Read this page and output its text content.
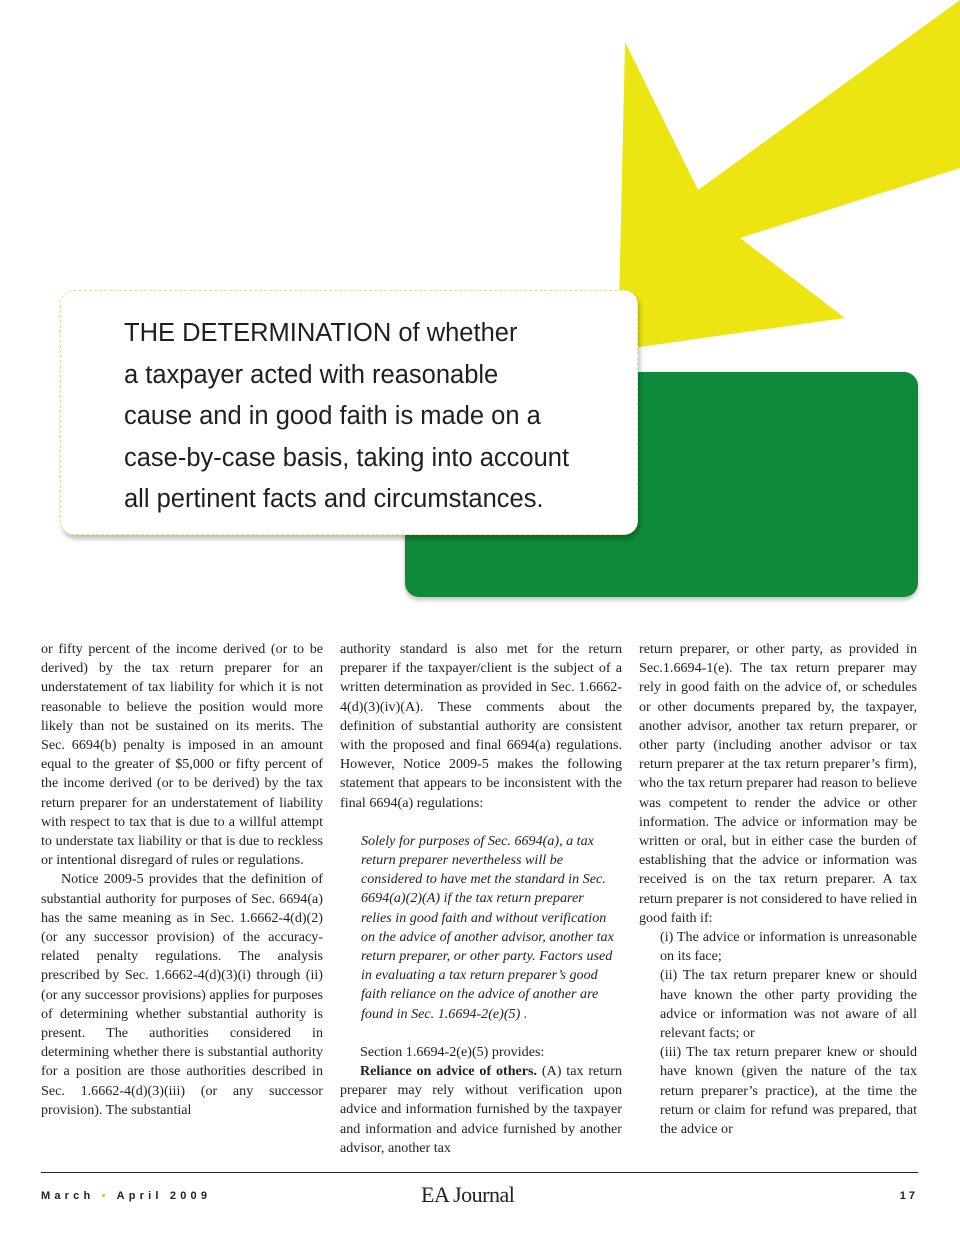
THE DETERMINATION of whether
a taxpayer acted with reasonable
cause and in good faith is made on a
case-by-case basis, taking into account
all pertinent facts and circumstances.

or fifty percent of the income derived (or to be derived) by the tax return preparer for an understatement of tax liability for which it is not reasonable to believe the position would more likely than not be sustained on its merits. The Sec. 6694(b) penalty is imposed in an amount equal to the greater of $5,000 or fifty percent of the income derived (or to be derived) by the tax return preparer for an understatement of liability with respect to tax that is due to a willful attempt to understate tax liability or that is due to reckless or intentional disregard of rules or regulations.

Notice 2009-5 provides that the definition of substantial authority for purposes of Sec. 6694(a) has the same meaning as in Sec. 1.6662-4(d)(2) (or any successor provision) of the accuracy-related penalty regulations. The analysis prescribed by Sec. 1.6662-4(d)(3)(i) through (ii) (or any successor provisions) applies for purposes of determining whether substantial authority is present. The authorities considered in determining whether there is substantial authority for a position are those authorities described in Sec. 1.6662-4(d)(3)(iii) (or any successor provision). The substantial

authority standard is also met for the return preparer if the taxpayer/client is the subject of a written determination as provided in Sec. 1.6662-4(d)(3)(iv)(A). These comments about the definition of substantial authority are consistent with the proposed and final 6694(a) regulations. However, Notice 2009-5 makes the following statement that appears to be inconsistent with the final 6694(a) regulations:

Solely for purposes of Sec. 6694(a), a tax return preparer nevertheless will be considered to have met the standard in Sec. 6694(a)(2)(A) if the tax return preparer relies in good faith and without verification on the advice of another advisor, another tax return preparer, or other party. Factors used in evaluating a tax return preparer’s good faith reliance on the advice of another are found in Sec. 1.6694-2(e)(5) .

Section 1.6694-2(e)(5) provides:

Reliance on advice of others. (A) tax return preparer may rely without verification upon advice and information furnished by the taxpayer and information and advice furnished by another advisor, another tax

return preparer, or other party, as provided in Sec.1.6694-1(e). The tax return preparer may rely in good faith on the advice of, or schedules or other documents prepared by, the taxpayer, another advisor, another tax return preparer, or other party (including another advisor or tax return preparer at the tax return preparer’s firm), who the tax return preparer had reason to believe was competent to render the advice or other information. The advice or information may be written or oral, but in either case the burden of establishing that the advice or information was received is on the tax return preparer. A tax return preparer is not considered to have relied in good faith if:

(i) The advice or information is unreasonable on its face;

(ii) The tax return preparer knew or should have known the other party providing the advice or information was not aware of all relevant facts; or

(iii) The tax return preparer knew or should have known (given the nature of the tax return preparer’s practice), at the time the return or claim for refund was prepared, that the advice or

March • April 2009	EA Journal	17
